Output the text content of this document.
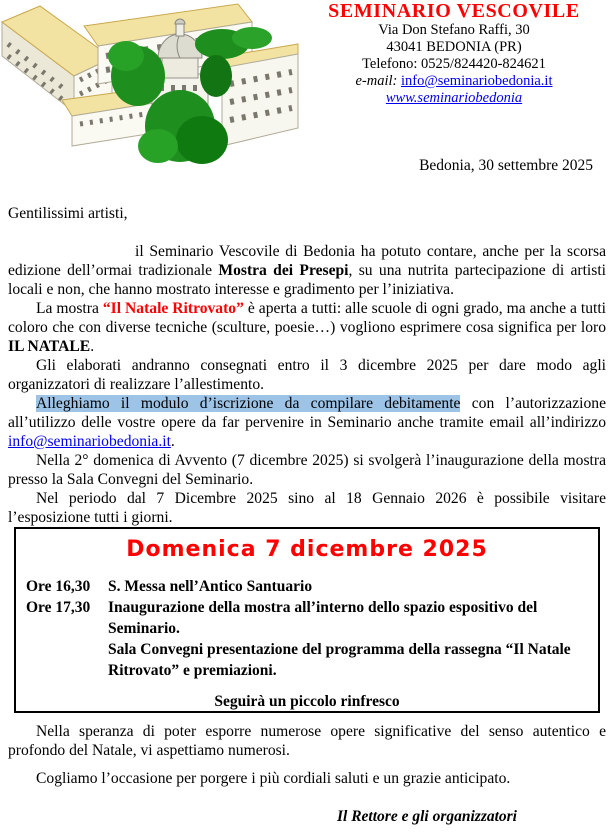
SEMINARIO VESCOVILE
Via Don Stefano Raffi, 30
43041 BEDONIA (PR)
Telefono: 0525/824420-824621
e-mail: info@seminariobedonia.it
www.seminariobedonia
Bedonia, 30 settembre 2025
Gentilissimi artisti,
il Seminario Vescovile di Bedonia ha potuto contare, anche per la scorsa edizione dell’ormai tradizionale Mostra dei Presepi, su una nutrita partecipazione di artisti locali e non, che hanno mostrato interesse e gradimento per l’iniziativa.
La mostra “Il Natale Ritrovato” è aperta a tutti: alle scuole di ogni grado, ma anche a tutti coloro che con diverse tecniche (sculture, poesie…) vogliono esprimere cosa significa per loro IL NATALE.
Gli elaborati andranno consegnati entro il 3 dicembre 2025 per dare modo agli organizzatori di realizzare l’allestimento.
Alleghiamo il modulo d’iscrizione da compilare debitamente con l’autorizzazione all’utilizzo delle vostre opere da far pervenire in Seminario anche tramite email all’indirizzo info@seminariobedonia.it.
Nella 2° domenica di Avvento (7 dicembre 2025) si svolgerà l’inaugurazione della mostra presso la Sala Convegni del Seminario.
Nel periodo dal 7 Dicembre 2025 sino al 18 Gennaio 2026 è possibile visitare l’esposizione tutti i giorni.
Domenica 7 dicembre 2025
Ore 16,30	S. Messa nell’Antico Santuario
Ore 17,30	Inaugurazione della mostra all’interno dello spazio espositivo del Seminario.
Sala Convegni presentazione del programma della rassegna “Il Natale Ritrovato” e premiazioni.
Seguirà un piccolo rinfresco
Nella speranza di poter esporre numerose opere significative del senso autentico e profondo del Natale, vi aspettiamo numerosi.
Cogliamo l’occasione per porgere i più cordiali saluti e un grazie anticipato.
Il Rettore e gli organizzatori
